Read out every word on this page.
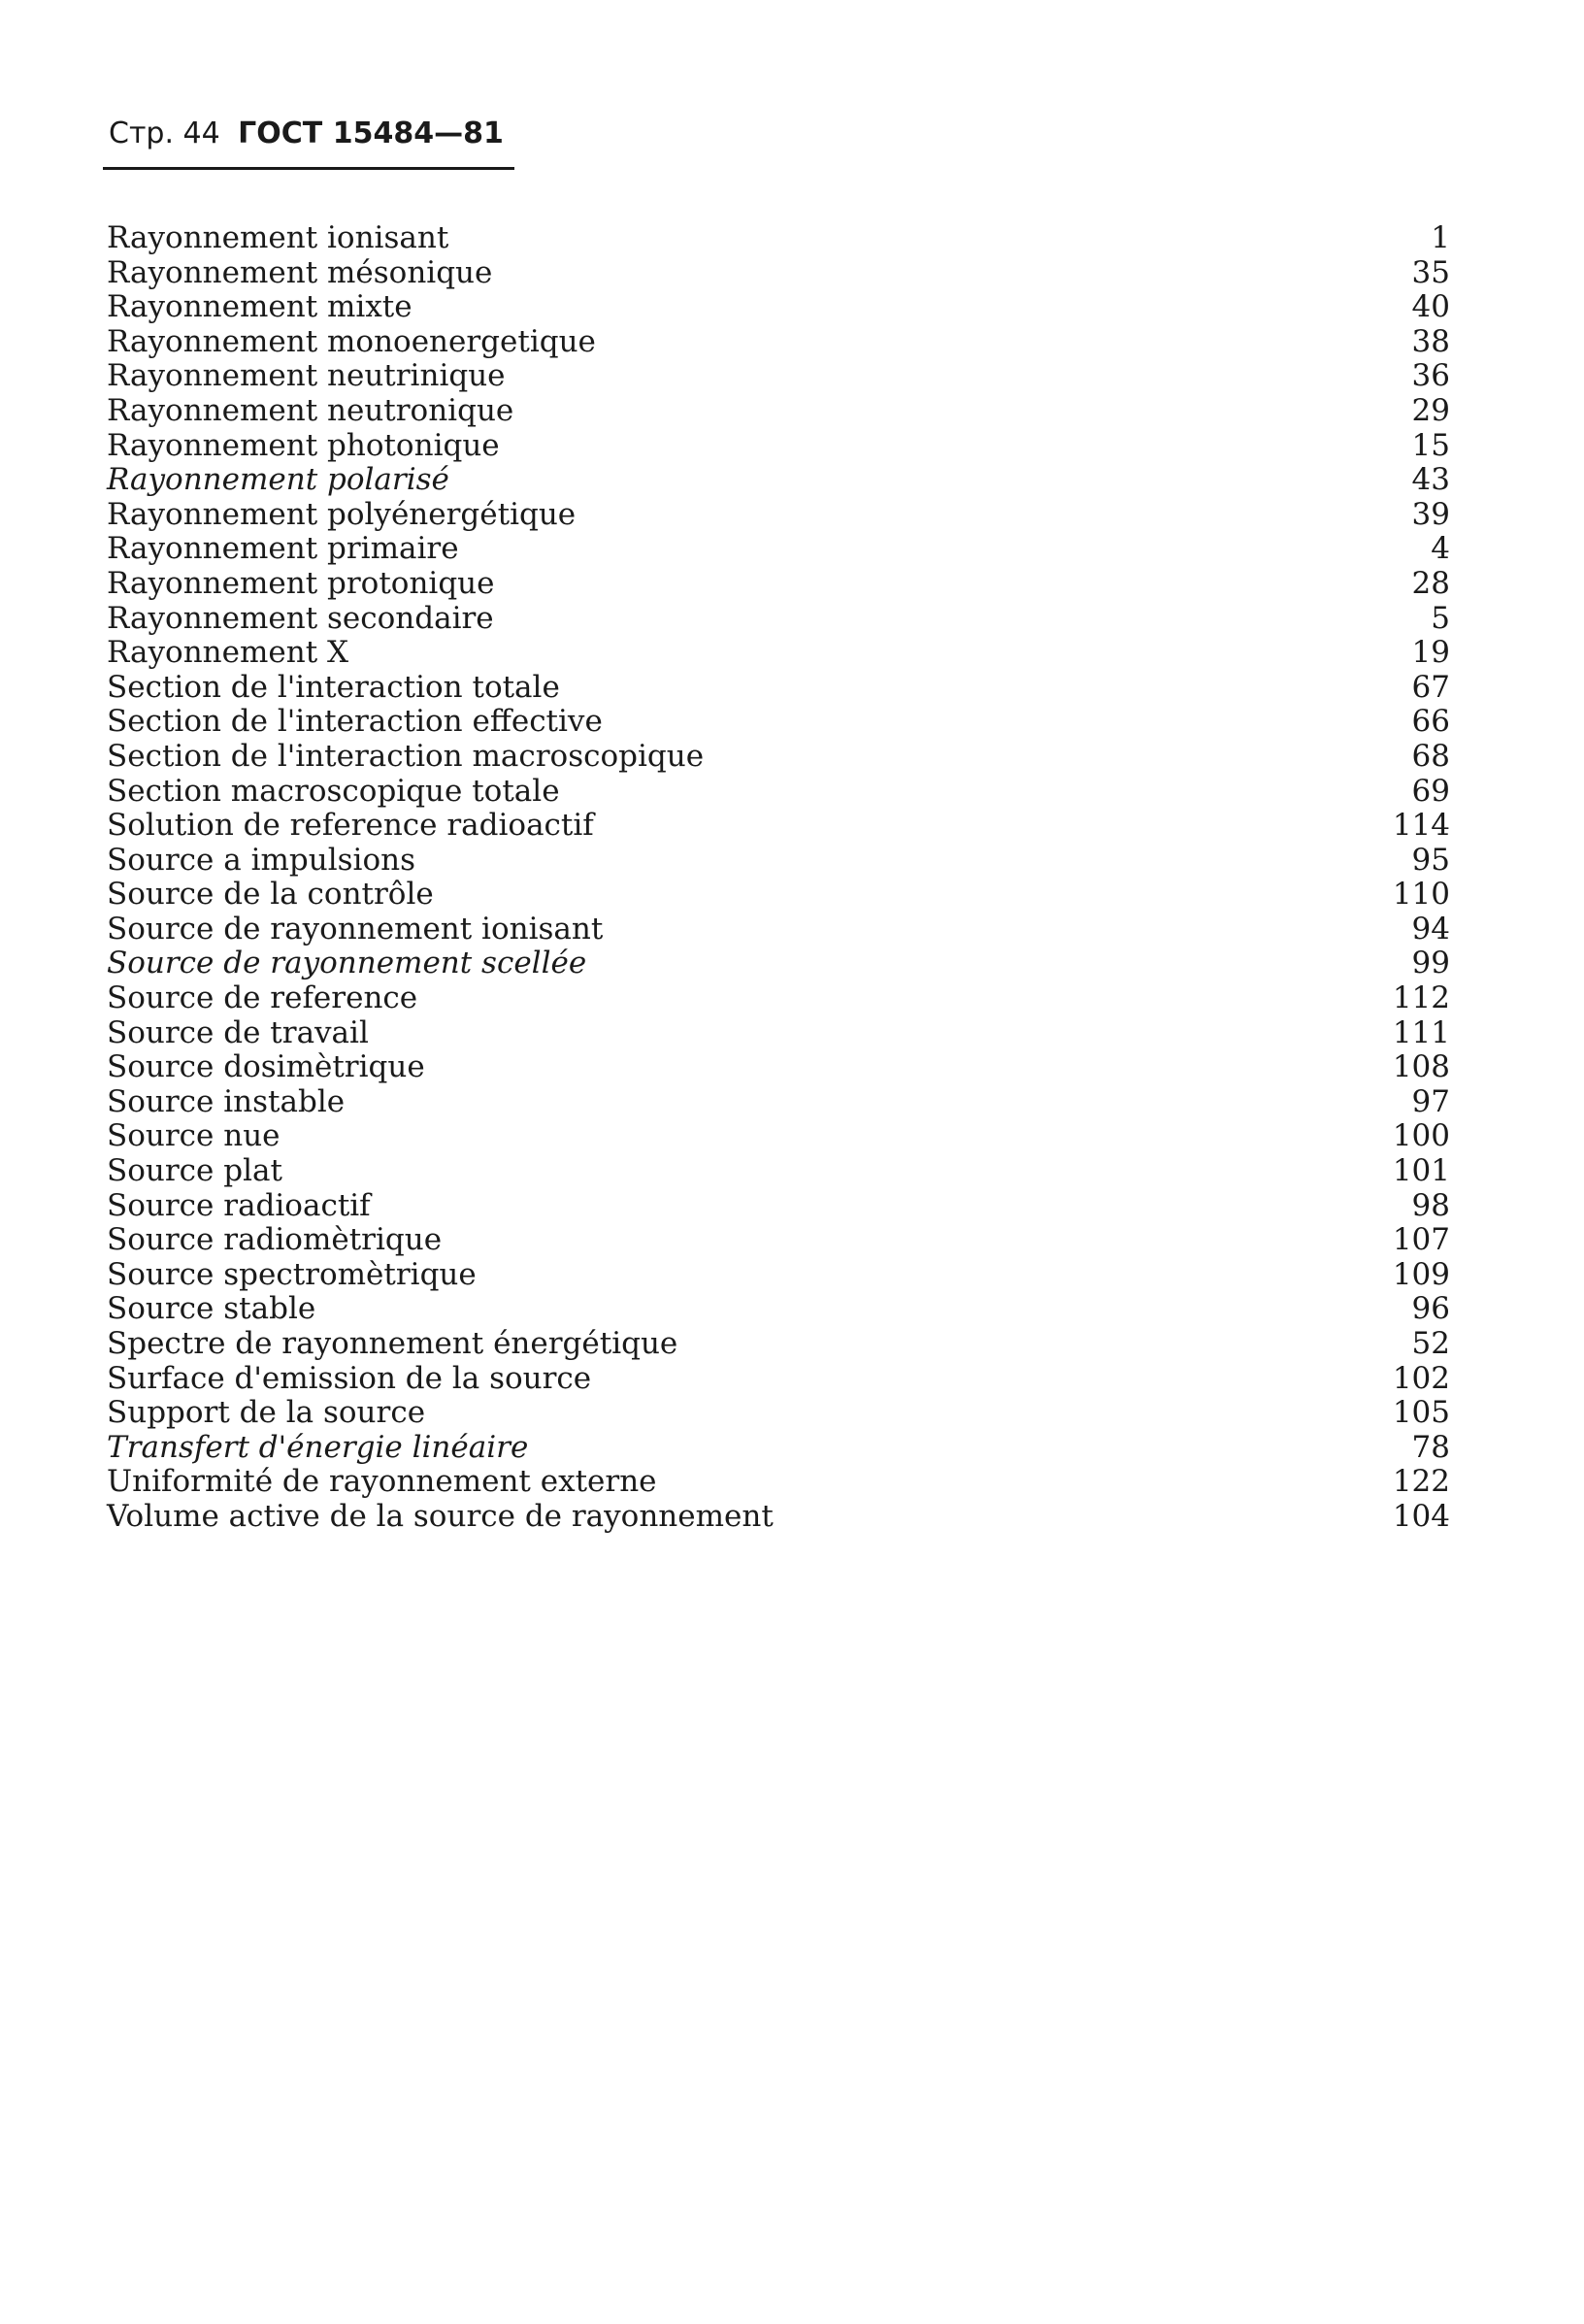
Стр. 44 ГОСТ 15484—81
Rayonnement ionisant	1
Rayonnement mésonique	35
Rayonnement mixte	40
Rayonnement monoenergetique	38
Rayonnement neutrinique	36
Rayonnement neutronique	29
Rayonnement photonique	15
Rayonnement polarisé	43
Rayonnement polyénergétique	39
Rayonnement primaire	4
Rayonnement protonique	28
Rayonnement secondaire	5
Rayonnement X	19
Section de l'interaction totale	67
Section de l'interaction effective	66
Section de l'interaction macroscopique	68
Section macroscopique totale	69
Solution de reference radioactif	114
Source a impulsions	95
Source de la contrôle	110
Source de rayonnement ionisant	94
Source de rayonnement scellée	99
Source de reference	112
Source de travail	111
Source dosimètrique	108
Source instable	97
Source nue	100
Source plat	101
Source radioactif	98
Source radiomètrique	107
Source spectromètrique	109
Source stable	96
Spectre de rayonnement énergétique	52
Surface d'emission de la source	102
Support de la source	105
Transfert d'énergie linéaire	78
Uniformité de rayonnement externe	122
Volume active de la source de rayonnement	104
